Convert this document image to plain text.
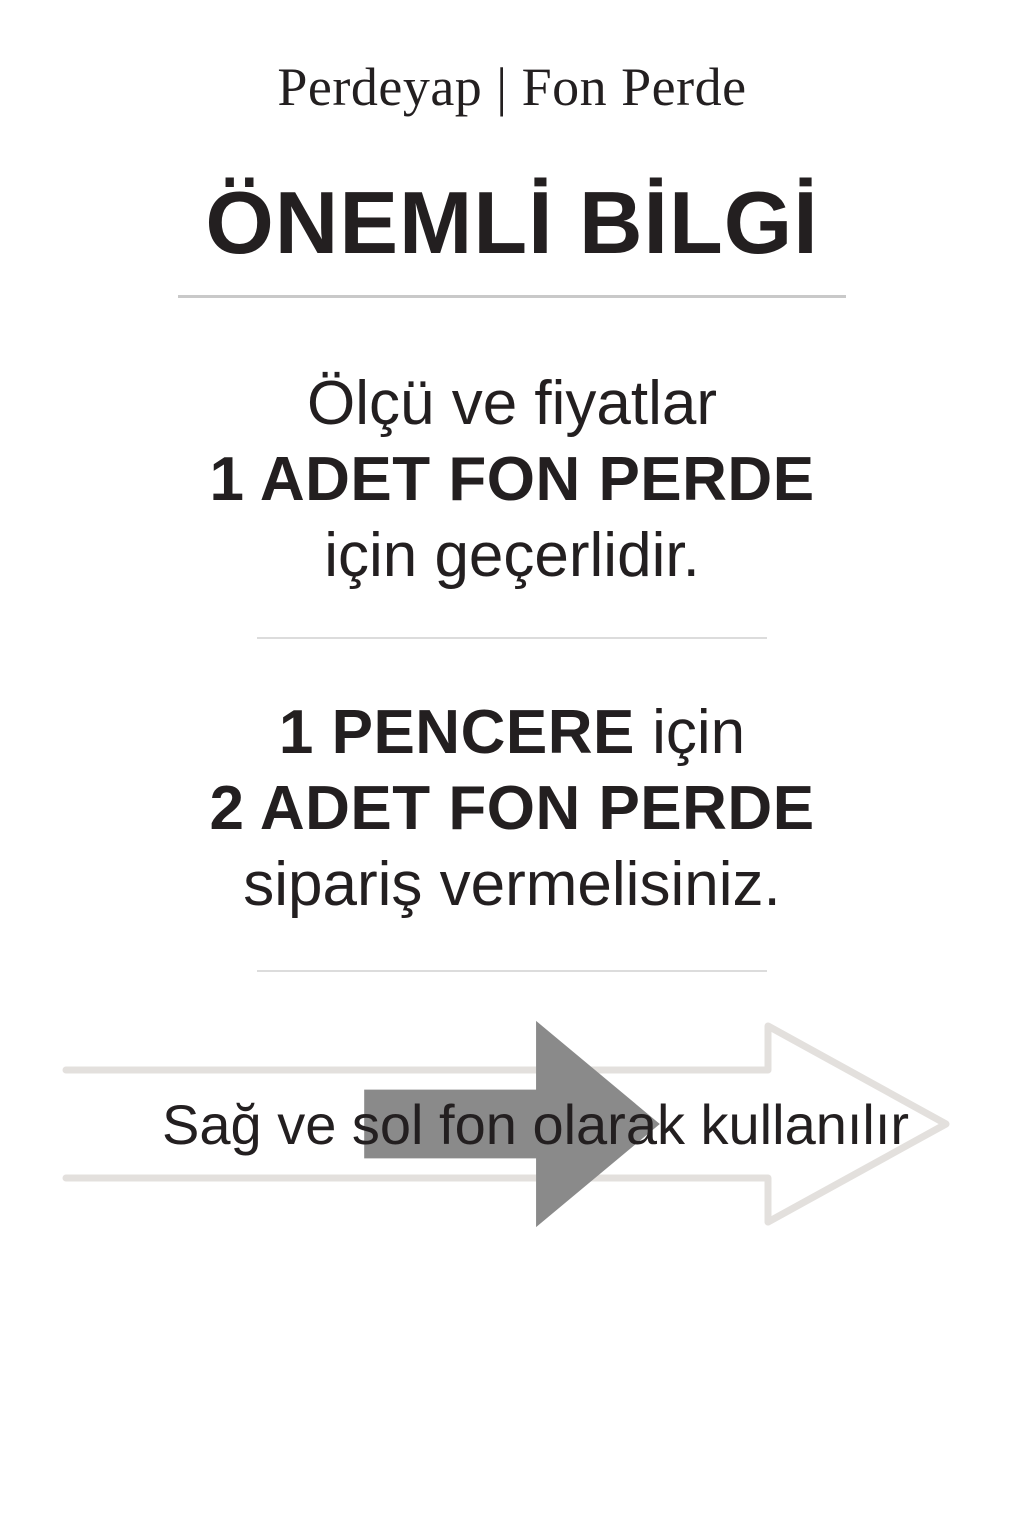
Perdeyap | Fon Perde
ÖNEMLİ BİLGİ
Ölçü ve fiyatlar
1 ADET FON PERDE
için geçerlidir.
1 PENCERE için
2 ADET FON PERDE
sipariş vermelisiniz.
Sağ ve sol fon olarak kullanılır
